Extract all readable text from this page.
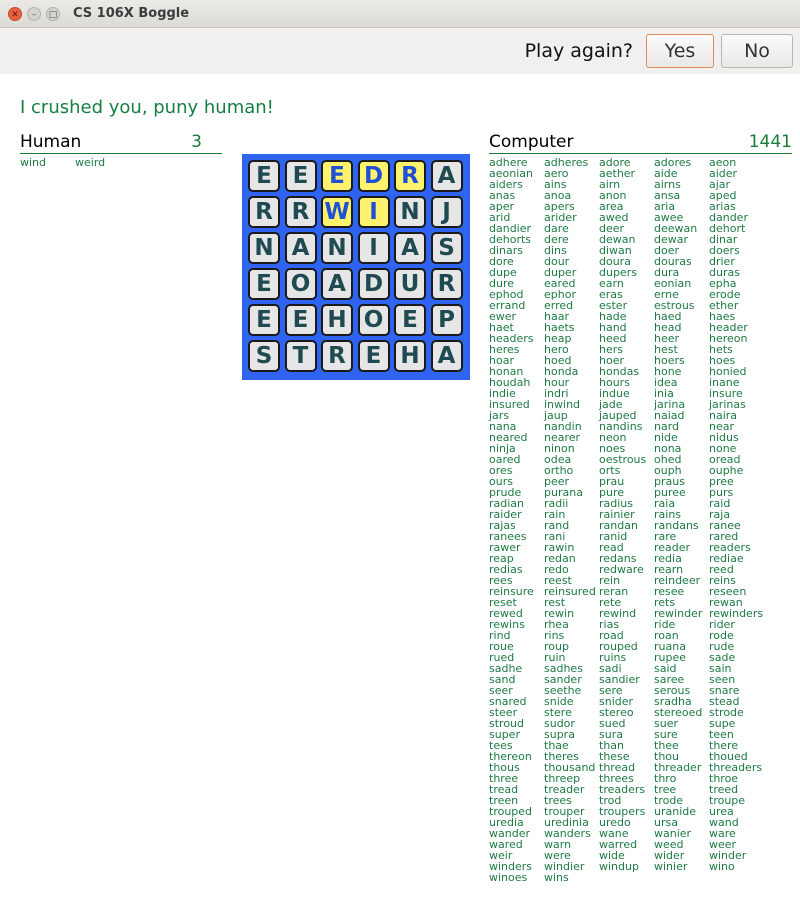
✕	–	□ CS 106X Boggle
Play again?	Yes	No
I crushed you, puny human!
Human	3
wind	weird
E E E D R A
R R W I N J
N A N I	A S
E O A D U R
E E H O E P
S T R E H A
Computer	1441
adhere adheres adore adores aeon
aeonian aero	aether aide	aider
aiders ains	airn	airns	ajar
anas	anoa	anon	ansa	aped
aper	apers area	aria	arias
arid	arider awed awee dander
dandier dare	deer	deewan dehort
dehorts dere	dewan dewar dinar
dinars dins	diwan doer	doers
dore	dour	doura douras drier
dupe duper dupers dura	duras
dure	eared earn	eonian epha
ephod ephor eras	erne	erode
errand erred ester estrous ether
ewer	haar	hade	haed	haes
haet	haets hand head	header
headers heap	heed	heer	hereon
heres hero	hers	hest	hets
hoar	hoed	hoer	hoers hoes
honan honda hondas hone	honied
houdah hour	hours idea	inane
indie	indri	indue inia	insure
insured inwind jade	jarina jarinas
jars	jaup	jauped naiad naira
nana	nandin nandins nard	near
neared nearer neon	nide	nidus
ninja	ninon noes	nona	none
oared odea	oestrous ohed	oread
ores	ortho orts	ouph ouphe
ours	peer	prau	praus pree
prude purana pure	puree purs
radian radii	radius raia	raid
raider rain	rainier rains	raja
rajas	rand	randan randans ranee
ranees rani	ranid rare	rared
rawer rawin read	reader readers
reap	redan redans redia rediae
redias redo	redware rearn reed
rees	reest rein	reindeer reins
reinsure reinsured reran resee reseen
reset rest	rete	rets	rewan
rewed rewin rewind rewinder rewinders
rewins rhea	rias	ride	rider
rind	rins	road	roan	rode
roue	roup	rouped ruana rude
rued	ruin	ruins	rupee sade
sadhe sadhes sadi	said	sain
sand	sander sandier saree seen
seer	seethe sere	serous snare
snared snide snider sradha stead
steer stere stereo stereoed strode
stroud sudor sued	suer	supe
super supra sura	sure	teen
tees	thae	than	thee	there
thereon theres these thou	thoued
thous thousand thread threader threaders
three threep threes thro	throe
tread treader treaders tree	treed
treen trees trod	trode troupe
trouped trouper troupers uranide urea
uredia uredinia uredo ursa	wand
wander wanders wane wanier ware
wared warn	warred weed weer
weir	were	wide	wider winder
winders windier windup winier wino
winoes wins
